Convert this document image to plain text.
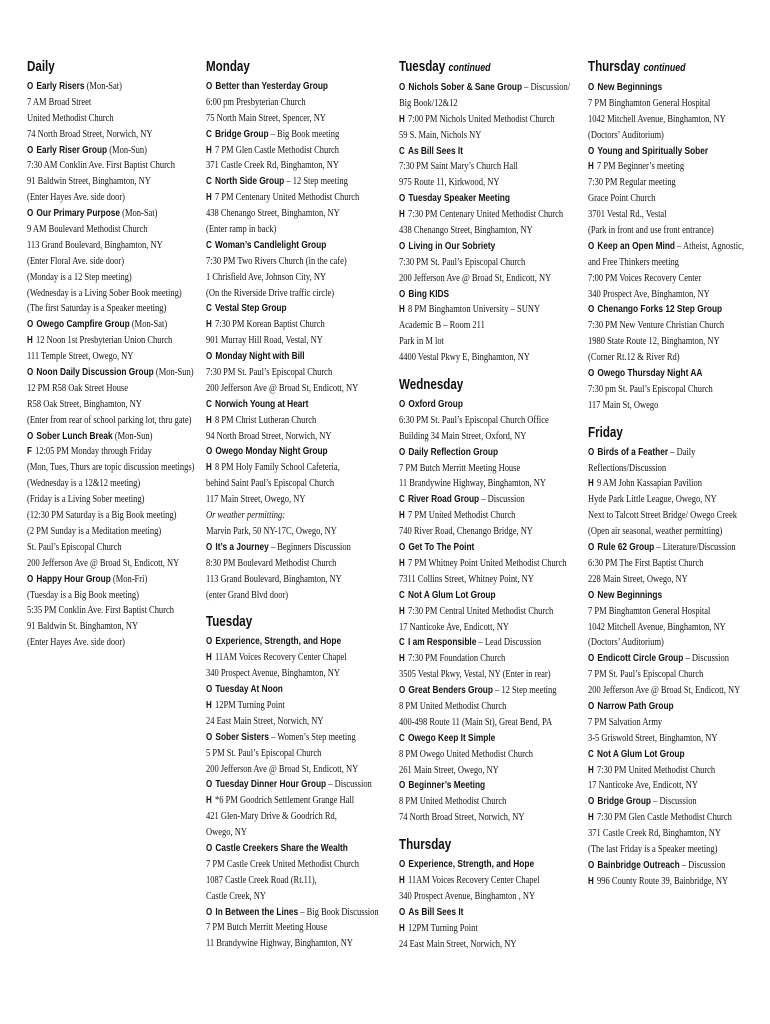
Daily
O Early Risers (Mon-Sat)
7 AM Broad Street
United Methodist Church
74 North Broad Street, Norwich, NY
O Early Riser Group (Mon-Sun)
7:30 AM Conklin Ave. First Baptist Church
91 Baldwin Street, Binghamton, NY
(Enter Hayes Ave. side door)
O Our Primary Purpose (Mon-Sat)
9 AM Boulevard Methodist Church
113 Grand Boulevard, Binghamton, NY
(Enter Floral Ave. side door)
(Monday is a 12 Step meeting)
(Wednesday is a Living Sober Book meeting)
(The first Saturday is a Speaker meeting)
O Owego Campfire Group (Mon-Sat)
H 12 Noon 1st Presbyterian Union Church
111 Temple Street, Owego, NY
O Noon Daily Discussion Group (Mon-Sun)
12 PM R58 Oak Street House
R58 Oak Street, Binghamton, NY
(Enter from rear of school parking lot, thru gate)
O Sober Lunch Break (Mon-Sun)
F 12:05 PM Monday through Friday
(Mon, Tues, Thurs are topic discussion meetings)
(Wednesday is a 12&12 meeting)
(Friday is a Living Sober meeting)
(12:30 PM Saturday is a Big Book meeting)
(2 PM Sunday is a Meditation meeting)
St. Paul’s Episcopal Church
200 Jefferson Ave @ Broad St, Endicott, NY
O Happy Hour Group (Mon-Fri)
(Tuesday is a Big Book meeting)
5:35 PM Conklin Ave. First Baptist Church
91 Baldwin St. Binghamton, NY
(Enter Hayes Ave. side door)
Monday
O Better than Yesterday Group
6:00 pm Presbyterian Church
75 North Main Street, Spencer, NY
C Bridge Group – Big Book meeting
H 7 PM Glen Castle Methodist Church
371 Castle Creek Rd, Binghamton, NY
C North Side Group – 12 Step meeting
H 7 PM Centenary United Methodist Church
438 Chenango Street, Binghamton, NY
(Enter ramp in back)
C Woman’s Candlelight Group
7:30 PM Two Rivers Church (in the cafe)
1 Chrisfield Ave, Johnson City, NY
(On the Riverside Drive traffic circle)
C Vestal Step Group
H 7:30 PM Korean Baptist Church
901 Murray Hill Road, Vestal, NY
O Monday Night with Bill
7:30 PM St. Paul’s Episcopal Church
200 Jefferson Ave @ Broad St, Endicott, NY
C Norwich Young at Heart
H 8 PM Christ Lutheran Church
94 North Broad Street, Norwich, NY
O Owego Monday Night Group
H 8 PM Holy Family School Cafeteria,
behind Saint Paul’s Episcopal Church
117 Main Street, Owego, NY
Or weather permitting:
Marvin Park, 50 NY-17C, Owego, NY
O It’s a Journey – Beginners Discussion
8:30 PM Boulevard Methodist Church
113 Grand Boulevard, Binghamton, NY
(enter Grand Blvd door)
Tuesday
O Experience, Strength, and Hope
H 11AM Voices Recovery Center Chapel
340 Prospect Avenue, Binghamton, NY
O Tuesday At Noon
H 12PM Turning Point
24 East Main Street, Norwich, NY
O Sober Sisters – Women’s Step meeting
5 PM St. Paul’s Episcopal Church
200 Jefferson Ave @ Broad St, Endicott, NY
O Tuesday Dinner Hour Group – Discussion
H *6 PM Goodrich Settlement Grange Hall
421 Glen-Mary Drive & Goodrich Rd,
Owego, NY
O Castle Creekers Share the Wealth
7 PM Castle Creek United Methodist Church
1087 Castle Creek Road (Rt.11),
Castle Creek, NY
O In Between the Lines – Big Book Discussion
7 PM Butch Merritt Meeting House
11 Brandywine Highway, Binghamton, NY
Tuesday continued
O Nichols Sober & Sane Group – Discussion/
Big Book/12&12
H 7:00 PM Nichols United Methodist Church
59 S. Main, Nichols NY
C As Bill Sees It
7:30 PM Saint Mary’s Church Hall
975 Route 11, Kirkwood, NY
O Tuesday Speaker Meeting
H 7:30 PM Centenary United Methodist Church
438 Chenango Street, Binghamton, NY
O Living in Our Sobriety
7:30 PM St. Paul’s Episcopal Church
200 Jefferson Ave @ Broad St, Endicott, NY
O Bing KIDS
H 8 PM Binghamton University – SUNY
Academic B – Room 211
Park in M lot
4400 Vestal Pkwy E, Binghamton, NY
Wednesday
O Oxford Group
6:30 PM St. Paul’s Episcopal Church Office
Building 34 Main Street, Oxford, NY
O Daily Reflection Group
7 PM Butch Merritt Meeting House
11 Brandywine Highway, Binghamton, NY
C River Road Group – Discussion
H 7 PM United Methodist Church
740 River Road, Chenango Bridge, NY
O Get To The Point
H 7 PM Whitney Point United Methodist Church
7311 Collins Street, Whitney Point, NY
C Not A Glum Lot Group
H 7:30 PM Central United Methodist Church
17 Nanticoke Ave, Endicott, NY
C I am Responsible – Lead Discussion
H 7:30 PM Foundation Church
3505 Vestal Pkwy, Vestal, NY (Enter in rear)
O Great Benders Group – 12 Step meeting
8 PM United Methodist Church
400-498 Route 11 (Main St), Great Bend, PA
C Owego Keep It Simple
8 PM Owego United Methodist Church
261 Main Street, Owego, NY
O Beginner’s Meeting
8 PM United Methodist Church
74 North Broad Street, Norwich, NY
Thursday
O Experience, Strength, and Hope
H 11AM Voices Recovery Center Chapel
340 Prospect Avenue, Binghamton , NY
O As Bill Sees It
H 12PM Turning Point
24 East Main Street, Norwich, NY
Thursday continued
O New Beginnings
7 PM Binghamton General Hospital
1042 Mitchell Avenue, Binghamton, NY
(Doctors’ Auditorium)
O Young and Spiritually Sober
H 7 PM Beginner’s meeting
7:30 PM Regular meeting
Grace Point Church
3701 Vestal Rd., Vestal
(Park in front and use front entrance)
O Keep an Open Mind – Atheist, Agnostic,
and Free Thinkers meeting
7:00 PM Voices Recovery Center
340 Prospect Ave, Binghamton, NY
O Chenango Forks 12 Step Group
7:30 PM New Venture Christian Church
1980 State Route 12, Binghamton, NY
(Corner Rt.12 & River Rd)
O Owego Thursday Night AA
7:30 pm St. Paul’s Episcopal Church
117 Main St, Owego
Friday
O Birds of a Feather – Daily
Reflections/Discussion
H 9 AM John Kassapian Pavilion
Hyde Park Little League, Owego, NY
Next to Talcott Street Bridge/ Owego Creek
(Open air seasonal, weather permitting)
O Rule 62 Group – Literature/Discussion
6:30 PM The First Baptist Church
228 Main Street, Owego, NY
O New Beginnings
7 PM Binghamton General Hospital
1042 Mitchell Avenue, Binghamton, NY
(Doctors’ Auditorium)
O Endicott Circle Group – Discussion
7 PM St. Paul’s Episcopal Church
200 Jefferson Ave @ Broad St, Endicott, NY
O Narrow Path Group
7 PM Salvation Army
3-5 Griswold Street, Binghamton, NY
C Not A Glum Lot Group
H 7:30 PM United Methodist Church
17 Nanticoke Ave, Endicott, NY
O Bridge Group – Discussion
H 7:30 PM Glen Castle Methodist Church
371 Castle Creek Rd, Binghamton, NY
(The last Friday is a Speaker meeting)
O Bainbridge Outreach – Discussion
H 996 County Route 39, Bainbridge, NY
